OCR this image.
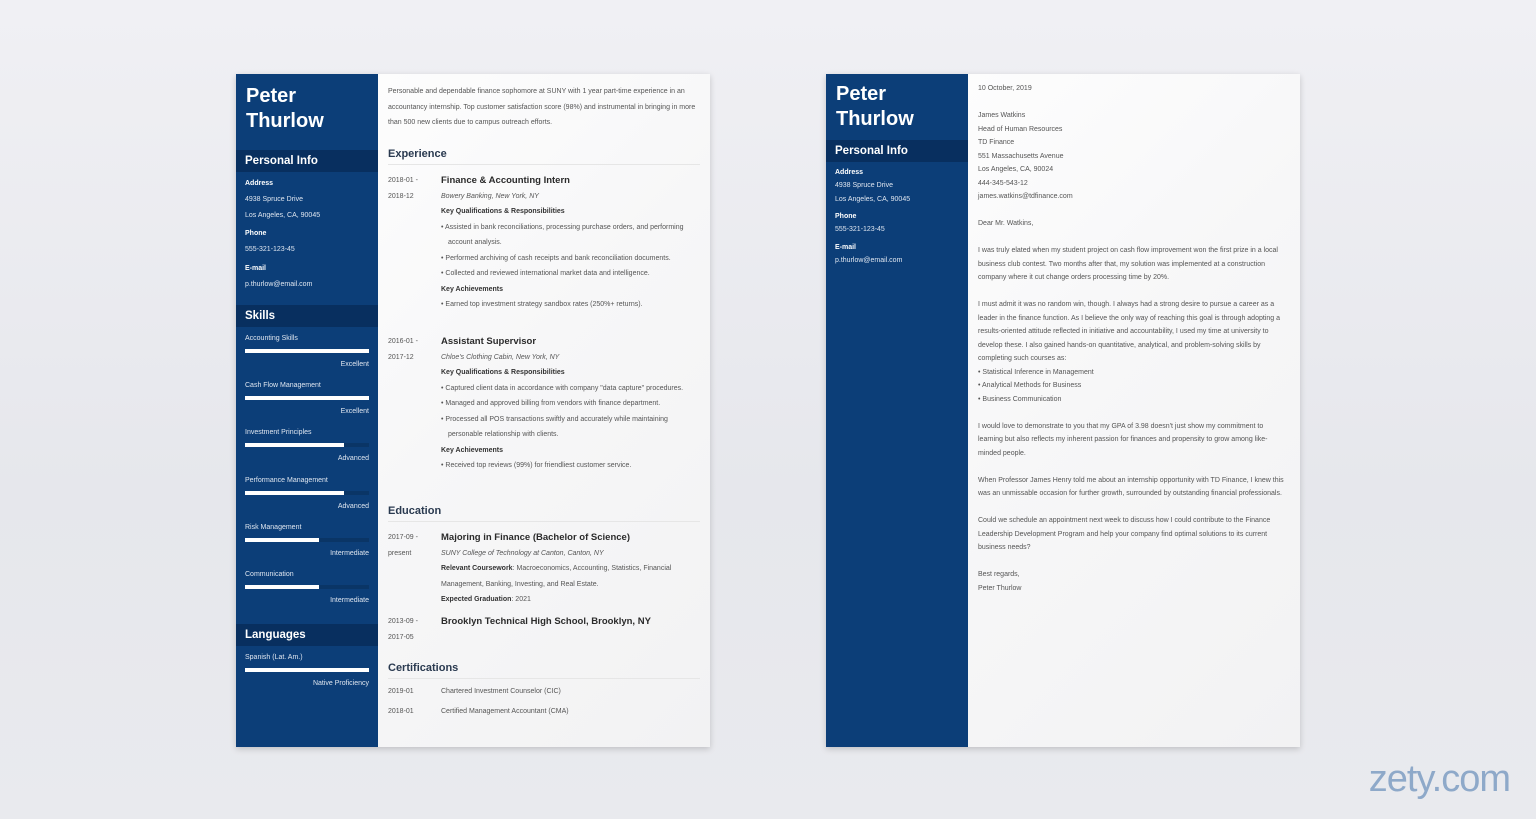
Peter
Thurlow
Personal Info
Address
4938 Spruce Drive
Los Angeles, CA, 90045
Phone
555-321-123-45
E-mail
p.thurlow@email.com
Skills
Accounting Skills
Excellent
Cash Flow Management
Excellent
Investment Principles
Advanced
Performance Management
Advanced
Risk Management
Intermediate
Communication
Intermediate
Languages
Spanish (Lat. Am.)
Native Proficiency
Personable and dependable finance sophomore at SUNY with 1 year part-time experience in an accountancy internship. Top customer satisfaction score (98%) and instrumental in bringing in more than 500 new clients due to campus outreach efforts.
Experience
2018-01 -
2018-12
Finance & Accounting Intern
Bowery Banking, New York, NY
Key Qualifications & Responsibilities
• Assisted in bank reconciliations, processing purchase orders, and performing account analysis.
• Performed archiving of cash receipts and bank reconciliation documents.
• Collected and reviewed international market data and intelligence.
Key Achievements
• Earned top investment strategy sandbox rates (250%+ returns).
2016-01 -
2017-12
Assistant Supervisor
Chloe's Clothing Cabin, New York, NY
Key Qualifications & Responsibilities
• Captured client data in accordance with company "data capture" procedures.
• Managed and approved billing from vendors with finance department.
• Processed all POS transactions swiftly and accurately while maintaining personable relationship with clients.
Key Achievements
• Received top reviews (99%) for friendliest customer service.
Education
2017-09 -
present
Majoring in Finance (Bachelor of Science)
SUNY College of Technology at Canton, Canton, NY
Relevant Coursework: Macroeconomics, Accounting, Statistics, Financial Management, Banking, Investing, and Real Estate.
Expected Graduation: 2021
2013-09 -
2017-05
Brooklyn Technical High School, Brooklyn, NY
Certifications
2019-01	Chartered Investment Counselor (CIC)
2018-01	Certified Management Accountant (CMA)
Peter
Thurlow
Personal Info
Address
4938 Spruce Drive
Los Angeles, CA, 90045
Phone
555-321-123-45
E-mail
p.thurlow@email.com

10 October, 2019

James Watkins
Head of Human Resources
TD Finance
551 Massachusetts Avenue
Los Angeles, CA, 90024
444-345-543-12
james.watkins@tdfinance.com

Dear Mr. Watkins,

I was truly elated when my student project on cash flow improvement won the first prize in a local business club contest. Two months after that, my solution was implemented at a construction company where it cut change orders processing time by 20%.

I must admit it was no random win, though. I always had a strong desire to pursue a career as a leader in the finance function. As I believe the only way of reaching this goal is through adopting a results-oriented attitude reflected in initiative and accountability, I used my time at university to develop these. I also gained hands-on quantitative, analytical, and problem-solving skills by completing such courses as:

• Statistical Inference in Management
• Analytical Methods for Business
• Business Communication

I would love to demonstrate to you that my GPA of 3.98 doesn't just show my commitment to learning but also reflects my inherent passion for finances and propensity to grow among like-minded people.

When Professor James Henry told me about an internship opportunity with TD Finance, I knew this was an unmissable occasion for further growth, surrounded by outstanding financial professionals.

Could we schedule an appointment next week to discuss how I could contribute to the Finance Leadership Development Program and help your company find optimal solutions to its current business needs?

Best regards,
Peter Thurlow
zety.com
